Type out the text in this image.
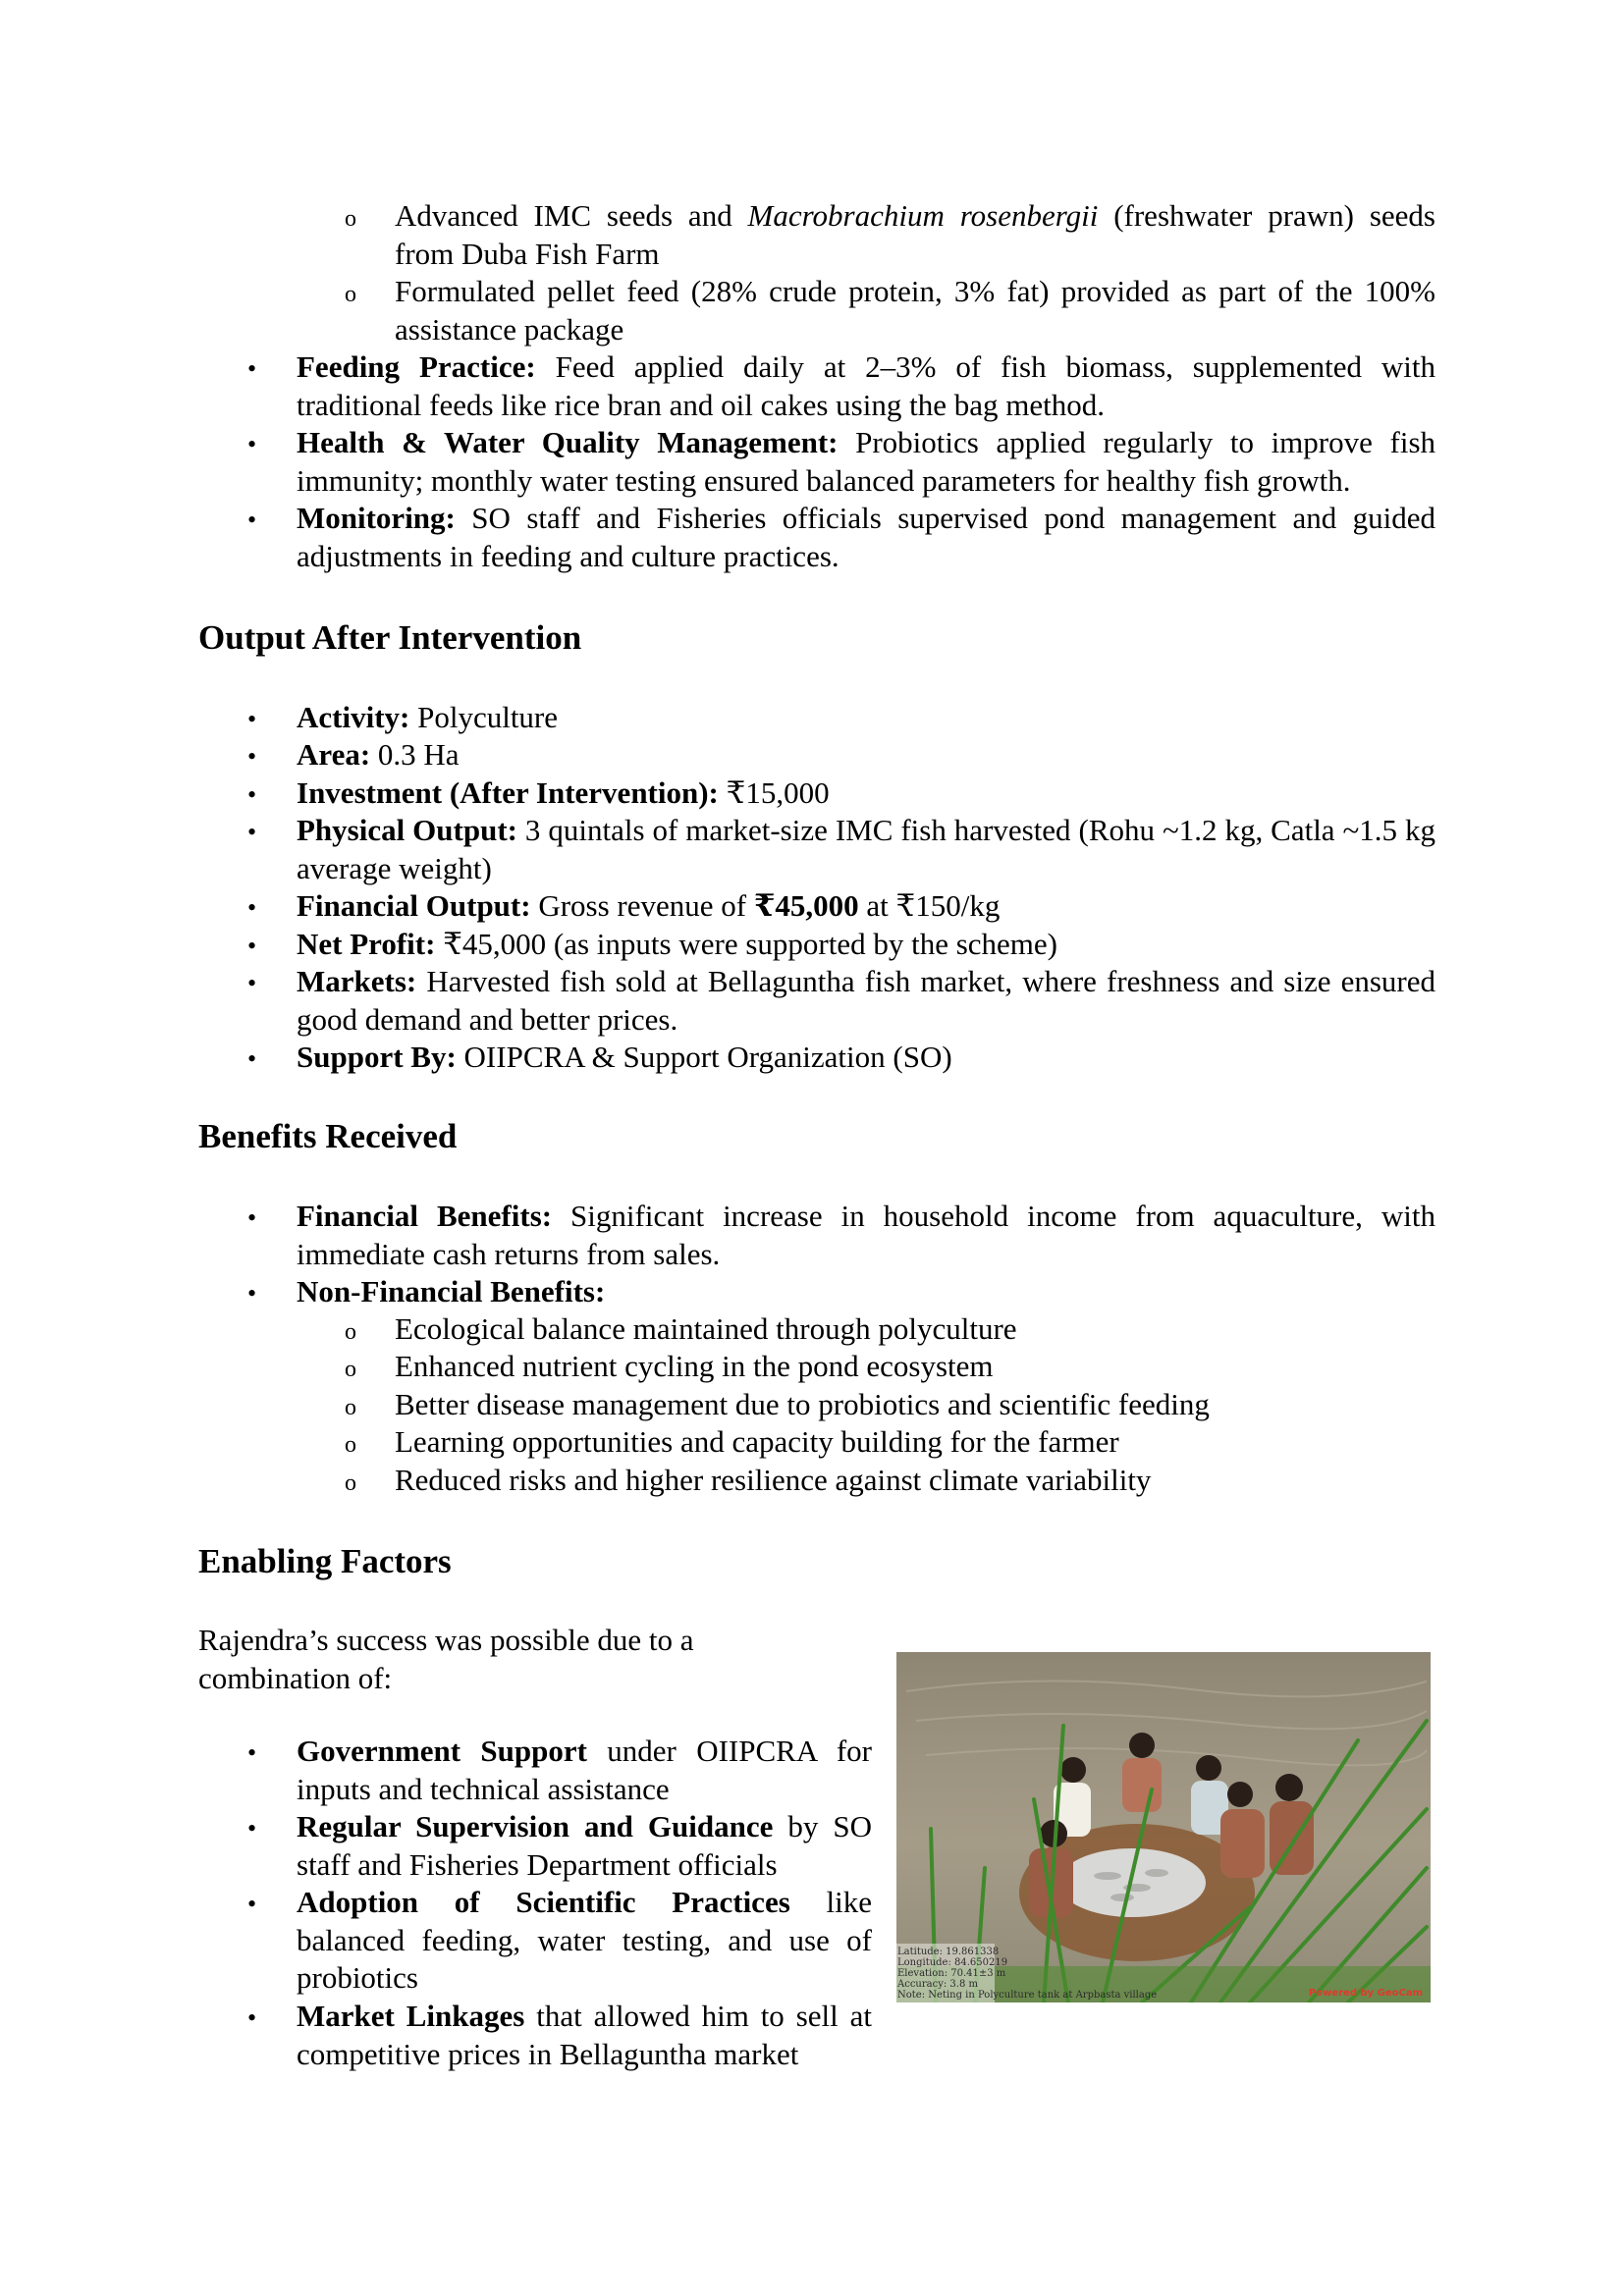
o Advanced IMC seeds and Macrobrachium rosenbergii (freshwater prawn) seeds from Duba Fish Farm
o Formulated pellet feed (28% crude protein, 3% fat) provided as part of the 100% assistance package
• Feeding Practice: Feed applied daily at 2–3% of fish biomass, supplemented with traditional feeds like rice bran and oil cakes using the bag method.
• Health & Water Quality Management: Probiotics applied regularly to improve fish immunity; monthly water testing ensured balanced parameters for healthy fish growth.
• Monitoring: SO staff and Fisheries officials supervised pond management and guided adjustments in feeding and culture practices.
Output After Intervention
• Activity: Polyculture
• Area: 0.3 Ha
• Investment (After Intervention): ₹15,000
• Physical Output: 3 quintals of market-size IMC fish harvested (Rohu ~1.2 kg, Catla ~1.5 kg average weight)
• Financial Output: Gross revenue of ₹45,000 at ₹150/kg
• Net Profit: ₹45,000 (as inputs were supported by the scheme)
• Markets: Harvested fish sold at Bellaguntha fish market, where freshness and size ensured good demand and better prices.
• Support By: OIIPCRA & Support Organization (SO)
Benefits Received
• Financial Benefits: Significant increase in household income from aquaculture, with immediate cash returns from sales.
• Non-Financial Benefits:
o Ecological balance maintained through polyculture
o Enhanced nutrient cycling in the pond ecosystem
o Better disease management due to probiotics and scientific feeding
o Learning opportunities and capacity building for the farmer
o Reduced risks and higher resilience against climate variability
Enabling Factors
Rajendra’s success was possible due to a combination of:
• Government Support under OIIPCRA for inputs and technical assistance
• Regular Supervision and Guidance by SO staff and Fisheries Department officials
• Adoption of Scientific Practices like balanced feeding, water testing, and use of probiotics
• Market Linkages that allowed him to sell at competitive prices in Bellaguntha market
Latitude: 19.861338
Longitude: 84.650219
Elevation: 70.41±3 m
Accuracy: 3.8 m
Note: Neting in Polyculture tank at Arpbasta village	Powered by GeoCam
